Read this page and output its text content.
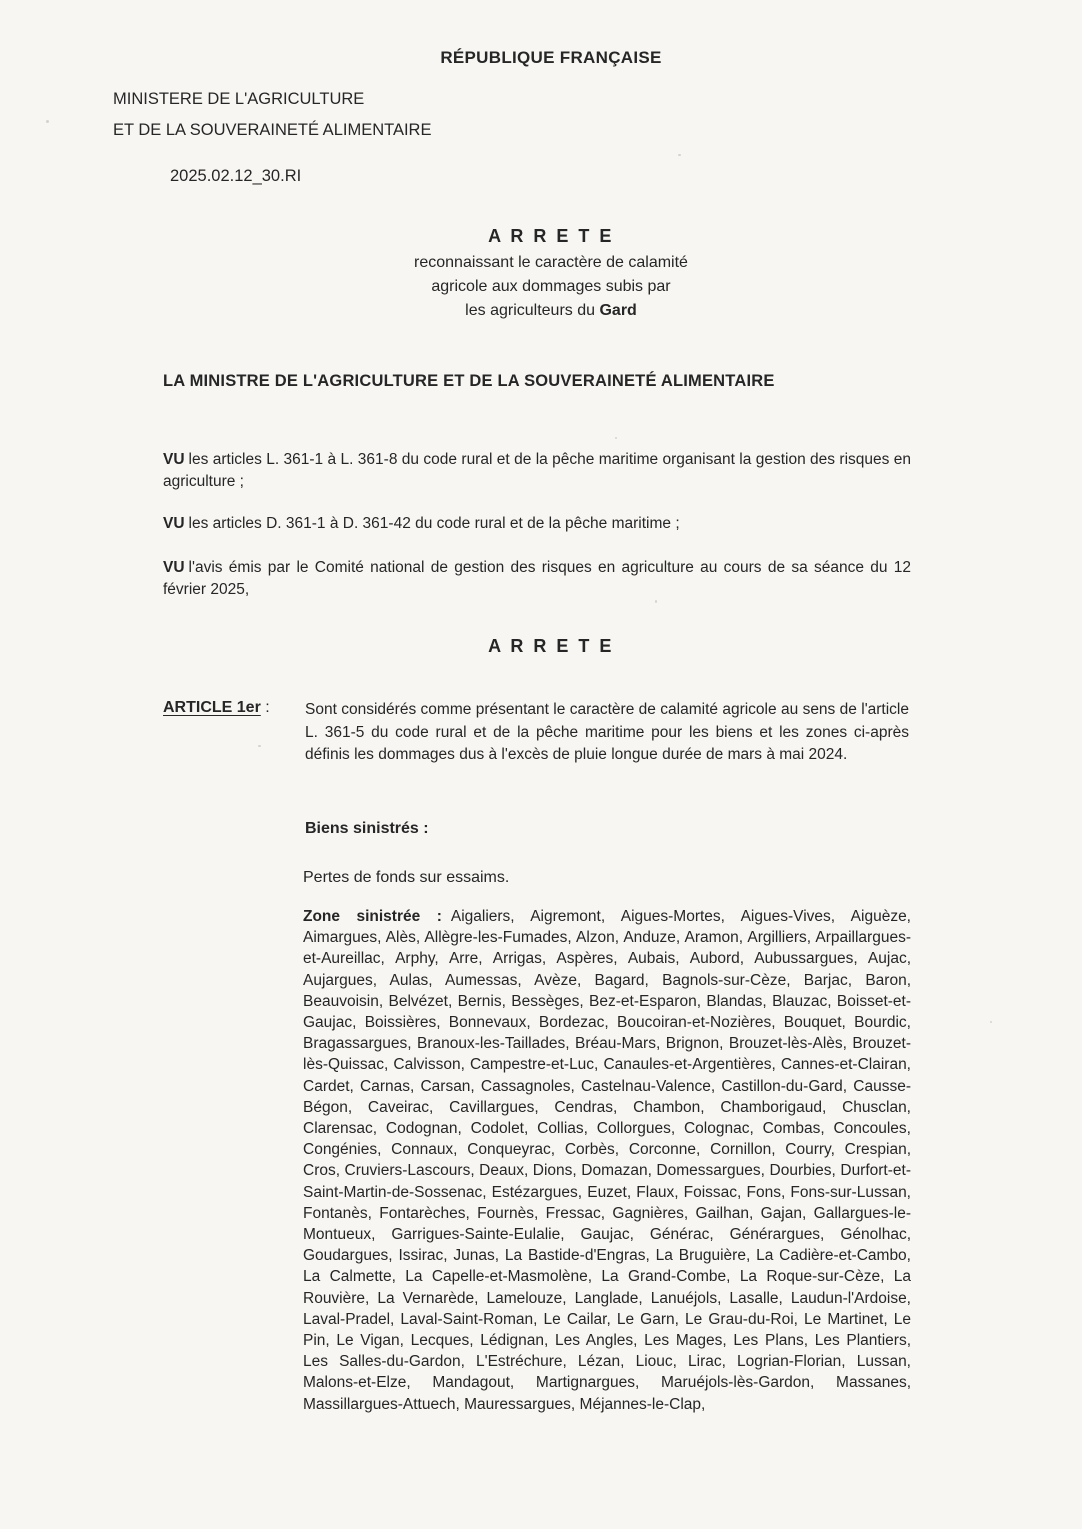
RÉPUBLIQUE FRANÇAISE
MINISTERE DE L'AGRICULTURE
ET DE LA SOUVERAINETÉ ALIMENTAIRE
2025.02.12_30.RI
A R R E T E
reconnaissant le caractère de calamité
agricole aux dommages subis par
les agriculteurs du Gard
LA MINISTRE DE L'AGRICULTURE ET DE LA SOUVERAINETÉ ALIMENTAIRE
VU les articles L. 361-1 à L. 361-8 du code rural et de la pêche maritime organisant la gestion des risques en agriculture ;
VU les articles D. 361-1 à D. 361-42 du code rural et de la pêche maritime ;
VU l'avis émis par le Comité national de gestion des risques en agriculture au cours de sa séance du 12 février 2025,
A R R E T E
ARTICLE 1er : Sont considérés comme présentant le caractère de calamité agricole au sens de l'article L. 361-5 du code rural et de la pêche maritime pour les biens et les zones ci-après définis les dommages dus à l'excès de pluie longue durée de mars à mai 2024.
Biens sinistrés :
Pertes de fonds sur essaims.
Zone sinistrée : Aigaliers, Aigremont, Aigues-Mortes, Aigues-Vives, Aiguèze, Aimargues, Alès, Allègre-les-Fumades, Alzon, Anduze, Aramon, Argilliers, Arpaillargues-et-Aureillac, Arphy, Arre, Arrigas, Aspères, Aubais, Aubord, Aubussargues, Aujac, Aujargues, Aulas, Aumessas, Avèze, Bagard, Bagnols-sur-Cèze, Barjac, Baron, Beauvoisin, Belvézet, Bernis, Bessèges, Bez-et-Esparon, Blandas, Blauzac, Boisset-et-Gaujac, Boissières, Bonnevaux, Bordezac, Boucoiran-et-Nozières, Bouquet, Bourdic, Bragassargues, Branoux-les-Taillades, Bréau-Mars, Brignon, Brouzet-lès-Alès, Brouzet-lès-Quissac, Calvisson, Campestre-et-Luc, Canaules-et-Argentières, Cannes-et-Clairan, Cardet, Carnas, Carsan, Cassagnoles, Castelnau-Valence, Castillon-du-Gard, Causse-Bégon, Caveirac, Cavillargues, Cendras, Chambon, Chamborigaud, Chusclan, Clarensac, Codognan, Codolet, Collias, Collorgues, Colognac, Combas, Concoules, Congénies, Connaux, Conqueyrac, Corbès, Corconne, Cornillon, Courry, Crespian, Cros, Cruviers-Lascours, Deaux, Dions, Domazan, Domessargues, Dourbies, Durfort-et-Saint-Martin-de-Sossenac, Estézargues, Euzet, Flaux, Foissac, Fons, Fons-sur-Lussan, Fontanès, Fontarèches, Fournès, Fressac, Gagnières, Gailhan, Gajan, Gallargues-le-Montueux, Garrigues-Sainte-Eulalie, Gaujac, Générac, Générargues, Génolhac, Goudargues, Issirac, Junas, La Bastide-d'Engras, La Bruguière, La Cadière-et-Cambo, La Calmette, La Capelle-et-Masmolène, La Grand-Combe, La Roque-sur-Cèze, La Rouvière, La Vernarède, Lamelouze, Langlade, Lanuéjols, Lasalle, Laudun-l'Ardoise, Laval-Pradel, Laval-Saint-Roman, Le Cailar, Le Garn, Le Grau-du-Roi, Le Martinet, Le Pin, Le Vigan, Lecques, Lédignan, Les Angles, Les Mages, Les Plans, Les Plantiers, Les Salles-du-Gardon, L'Estréchure, Lézan, Liouc, Lirac, Logrian-Florian, Lussan, Malons-et-Elze, Mandagout, Martignargues, Maruéjols-lès-Gardon, Massanes, Massillargues-Attuech, Mauressargues, Méjannes-le-Clap,
